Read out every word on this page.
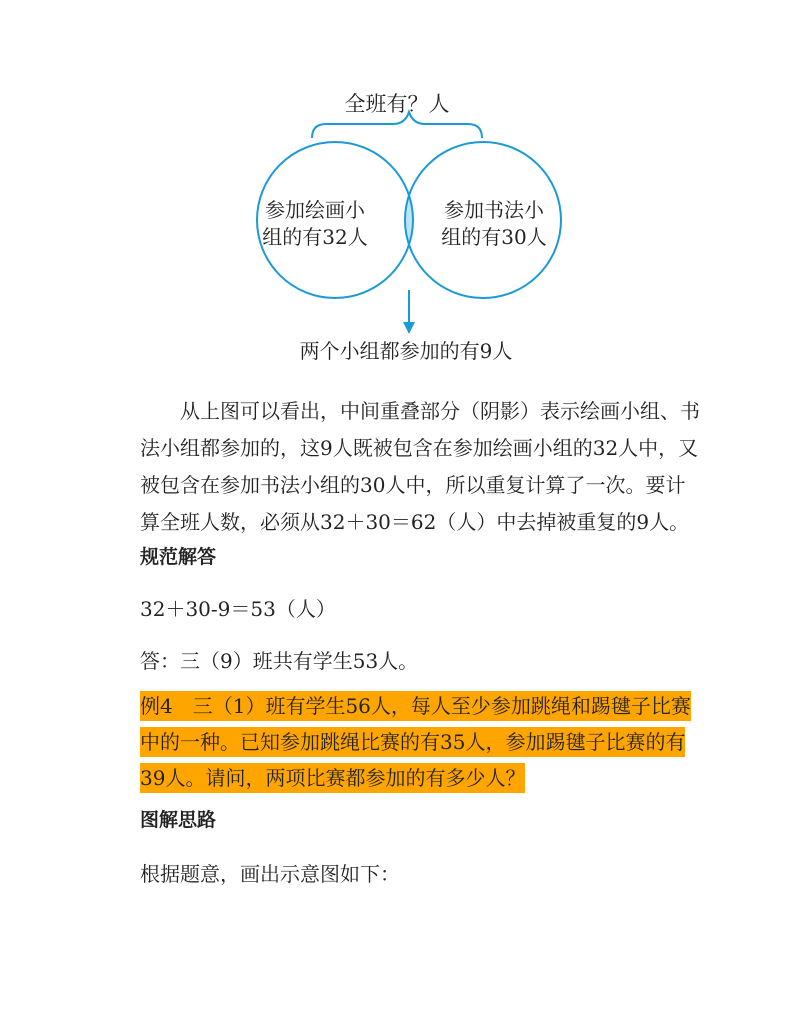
全班有？人
参加绘画小
组的有32人
参加书法小
组的有30人
两个小组都参加的有9人

从上图可以看出，中间重叠部分（阴影）表示绘画小组、书法小组都参加的，这9人既被包含在参加绘画小组的32人中，又被包含在参加书法小组的30人中，所以重复计算了一次。要计算全班人数，必须从32＋30＝62（人）中去掉被重复的9人。

规范解答

32＋30-9＝53（人）

答：三（9）班共有学生53人。

例4　三（1）班有学生56人，每人至少参加跳绳和踢毽子比赛中的一种。已知参加跳绳比赛的有35人，参加踢毽子比赛的有39人。请问，两项比赛都参加的有多少人？

图解思路

根据题意，画出示意图如下：
